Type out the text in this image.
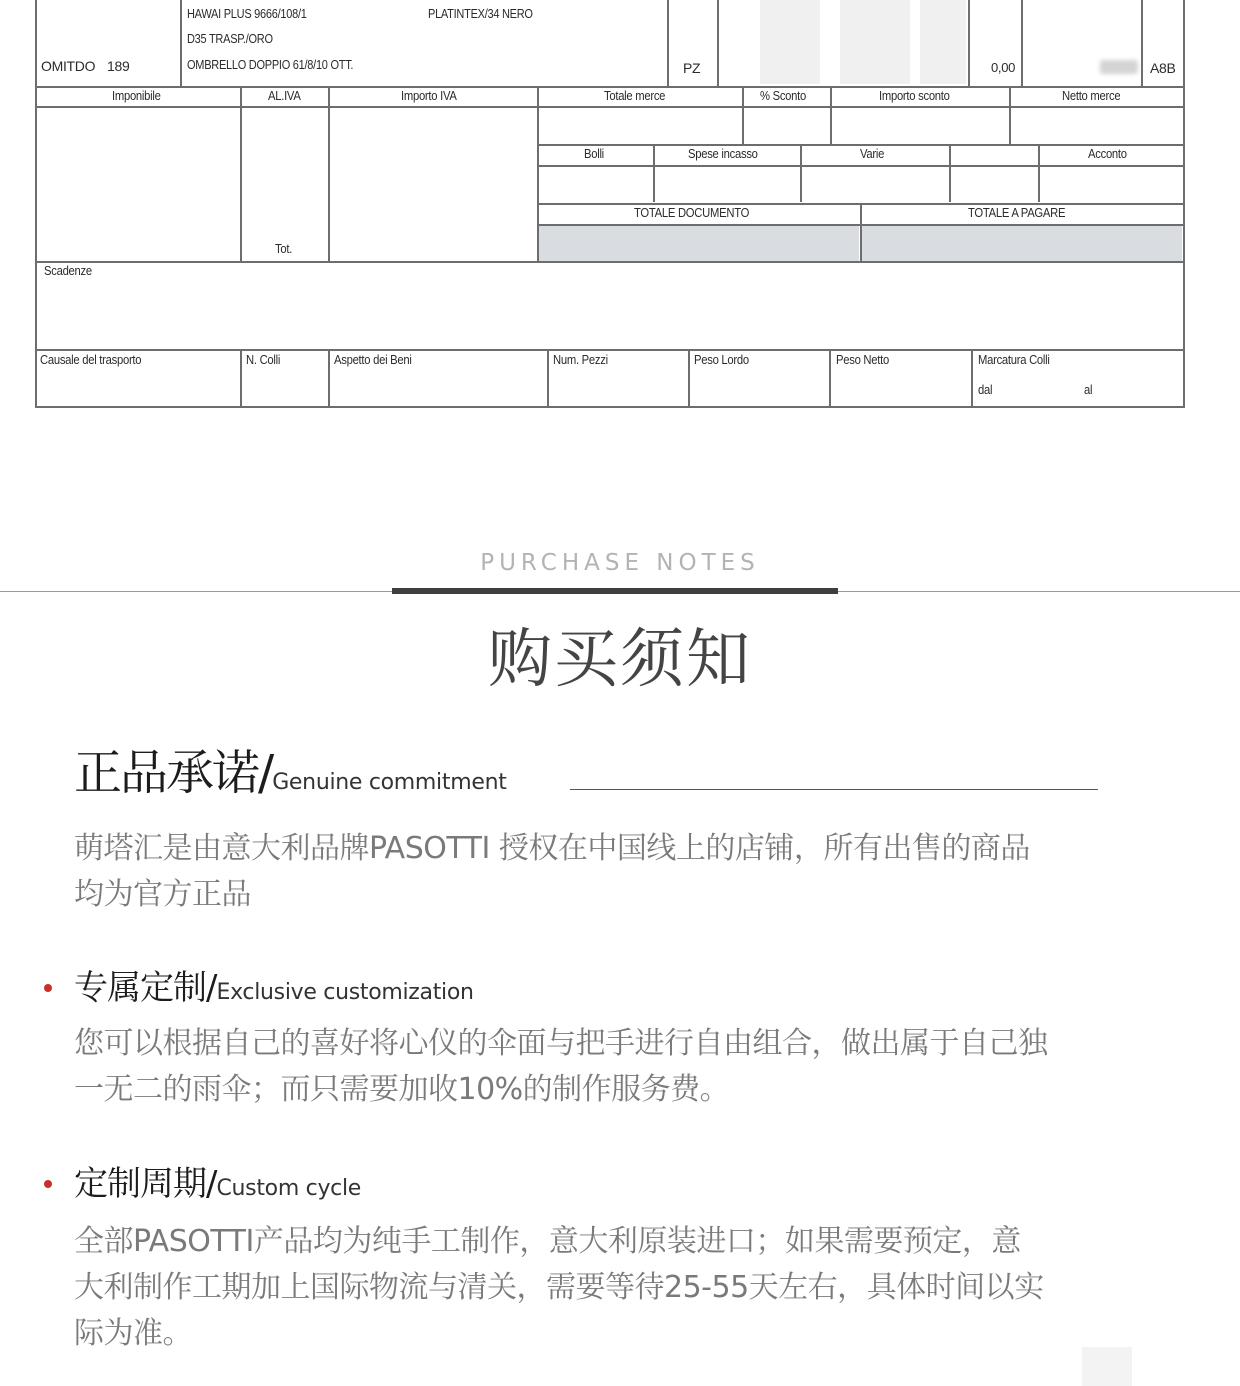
HAWAI PLUS 9666/108/1
D35 TRASP./ORO
OMBRELLO DOPPIO 61/8/10 OTT.
PLATINTEX/34 NERO
OMITDO 189	PZ	0,00	A8B
Imponibile	AL.IVA	Importo IVA	Totale merce	% Sconto	Importo sconto	Netto merce
Bolli	Spese incasso	Varie	Acconto
TOTALE DOCUMENTO	TOTALE A PAGARE
Tot.
Scadenze
Causale del trasporto	N. Colli	Aspetto dei Beni	Num. Pezzi	Peso Lordo	Peso Netto	Marcatura Colli
dal	al
PURCHASE NOTES
购买须知
正品承诺/Genuine commitment
萌塔汇是由意大利品牌PASOTTI 授权在中国线上的店铺，所有出售的商品
均为官方正品
专属定制/Exclusive customization
您可以根据自己的喜好将心仪的伞面与把手进行自由组合，做出属于自己独
一无二的雨伞；而只需要加收10%的制作服务费。
定制周期/Custom cycle
全部PASOTTI产品均为纯手工制作，意大利原装进口；如果需要预定，意
大利制作工期加上国际物流与清关，需要等待25-55天左右，具体时间以实
际为准。
